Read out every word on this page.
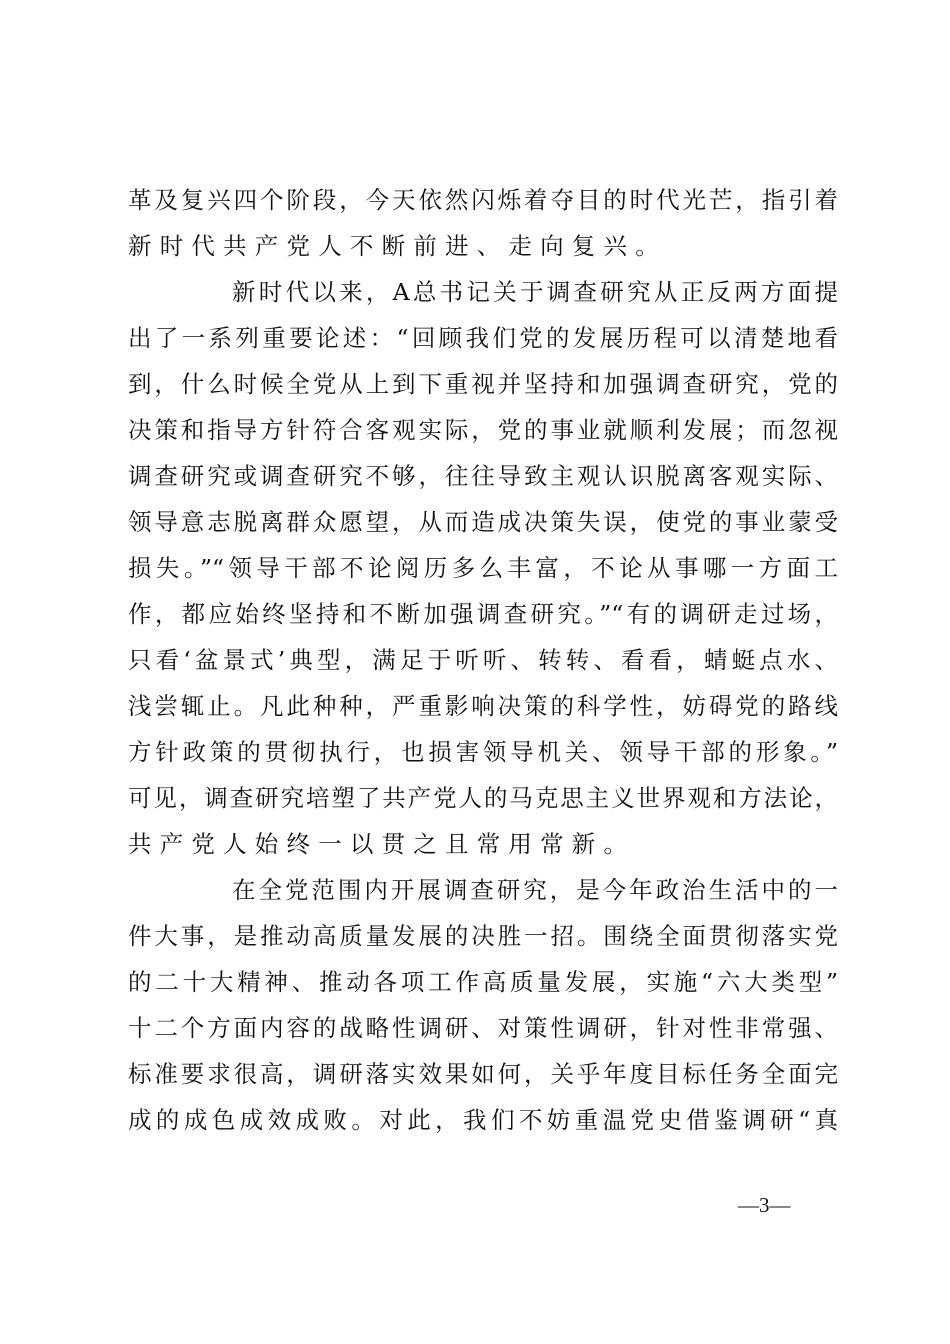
革及复兴四个阶段，今天依然闪烁着夺目的时代光芒，指引着
新时代共产党人不断前进、走向复兴。
新时代以来，A总书记关于调查研究从正反两方面提
出了一系列重要论述：“回顾我们党的发展历程可以清楚地看
到，什么时候全党从上到下重视并坚持和加强调查研究，党的
决策和指导方针符合客观实际，党的事业就顺利发展；而忽视
调查研究或调查研究不够，往往导致主观认识脱离客观实际、
领导意志脱离群众愿望，从而造成决策失误，使党的事业蒙受
损失。”“领导干部不论阅历多么丰富，不论从事哪一方面工
作，都应始终坚持和不断加强调查研究。”“有的调研走过场，
只看‘盆景式’典型，满足于听听、转转、看看，蜻蜓点水、
浅尝辄止。凡此种种，严重影响决策的科学性，妨碍党的路线
方针政策的贯彻执行，也损害领导机关、领导干部的形象。”
可见，调查研究培塑了共产党人的马克思主义世界观和方法论，
共产党人始终一以贯之且常用常新。
在全党范围内开展调查研究，是今年政治生活中的一
件大事，是推动高质量发展的决胜一招。围绕全面贯彻落实党
的二十大精神、推动各项工作高质量发展，实施“六大类型”
十二个方面内容的战略性调研、对策性调研，针对性非常强、
标准要求很高，调研落实效果如何，关乎年度目标任务全面完
成的成色成效成败。对此，我们不妨重温党史借鉴调研“真
—3—
